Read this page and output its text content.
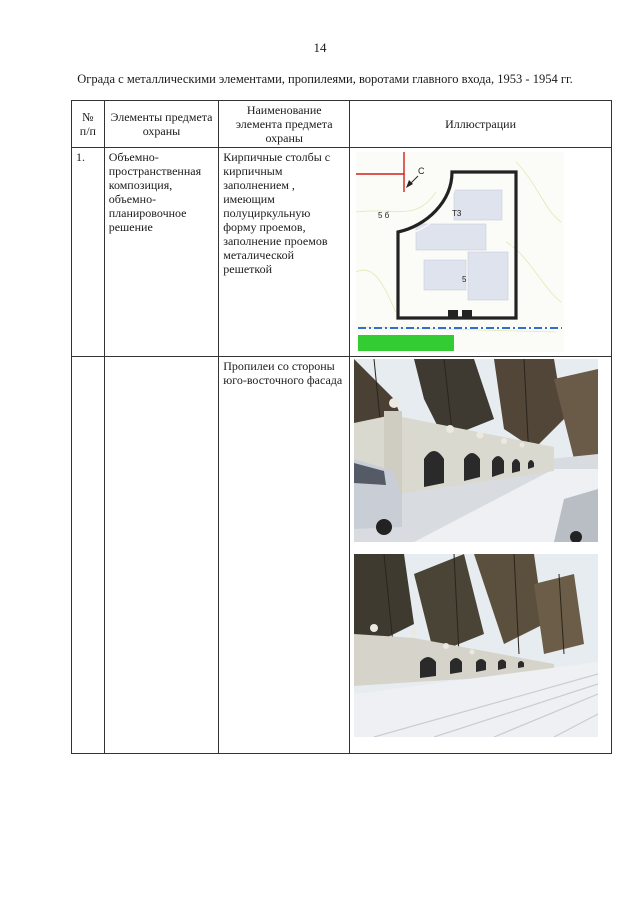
14
Ограда с металлическими элементами, пропилеями, воротами главного входа, 1953 - 1954 гг.
№ п/п	Элементы предмета охраны	Наименование элемента предмета охраны	Иллюстрации
1.	Объемно-пространственная композиция, объемно-планировочное решение	Кирпичные столбы с кирпичным заполнением , имеющим полуциркульную форму проемов, заполнение проемов металической решеткой	С
5 б Т3
5

		Пропилеи со стороны юго-восточного фасада	
